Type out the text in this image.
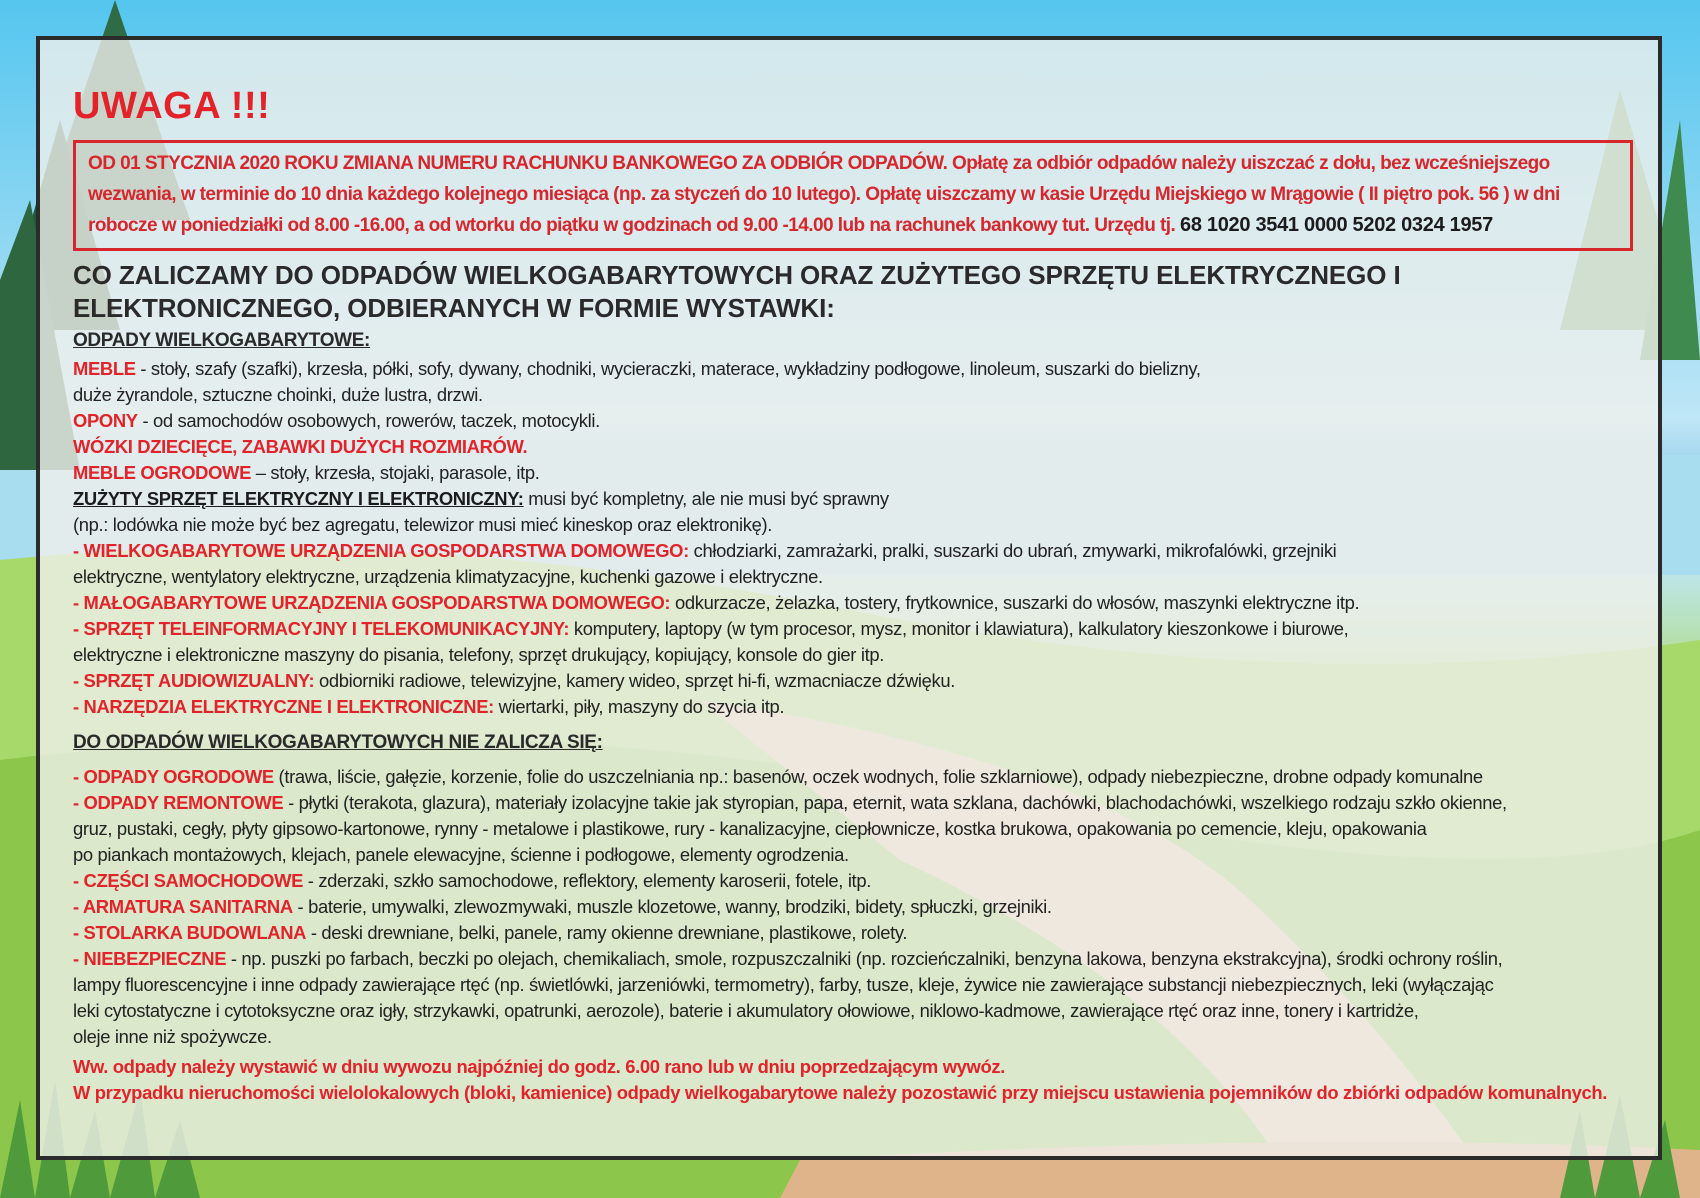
UWAGA !!!

OD 01 STYCZNIA 2020 ROKU ZMIANA NUMERU RACHUNKU BANKOWEGO ZA ODBIÓR ODPADÓW. Opłatę za odbiór odpadów należy uiszczać z dołu, bez wcześniejszego wezwania, w terminie do 10 dnia każdego kolejnego miesiąca (np. za styczeń do 10 lutego). Opłatę uiszczamy w kasie Urzędu Miejskiego w Mrągowie ( II piętro pok. 56 ) w dni robocze w poniedziałki od 8.00 -16.00, a od wtorku do piątku w godzinach od 9.00 -14.00 lub na rachunek bankowy tut. Urzędu tj. 68 1020 3541 0000 5202 0324 1957
CO ZALICZAMY DO ODPADÓW WIELKOGABARYTOWYCH ORAZ ZUŻYTEGO SPRZĘTU ELEKTRYCZNEGO I ELEKTRONICZNEGO, ODBIERANYCH W FORMIE WYSTAWKI:
ODPADY WIELKOGABARYTOWE:

MEBLE - stoły, szafy (szafki), krzesła, półki, sofy, dywany, chodniki, wycieraczki, materace, wykładziny podłogowe, linoleum, suszarki do bielizny,
duże żyrandole, sztuczne choinki, duże lustra, drzwi.

OPONY - od samochodów osobowych, rowerów, taczek, motocykli.

WÓZKI DZIECIĘCE, ZABAWKI DUŻYCH ROZMIARÓW.

MEBLE OGRODOWE – stoły, krzesła, stojaki, parasole, itp.

ZUŻYTY SPRZĘT ELEKTRYCZNY I ELEKTRONICZNY: musi być kompletny, ale nie musi być sprawny
(np.: lodówka nie może być bez agregatu, telewizor musi mieć kineskop oraz elektronikę).

- WIELKOGABARYTOWE URZĄDZENIA GOSPODARSTWA DOMOWEGO: chłodziarki, zamrażarki, pralki, suszarki do ubrań, zmywarki, mikrofalówki, grzejniki
elektryczne, wentylatory elektryczne, urządzenia klimatyzacyjne, kuchenki gazowe i elektryczne.

- MAŁOGABARYTOWE URZĄDZENIA GOSPODARSTWA DOMOWEGO: odkurzacze, żelazka, tostery, frytkownice, suszarki do włosów, maszynki elektryczne itp.

- SPRZĘT TELEINFORMACYJNY I TELEKOMUNIKACYJNY: komputery, laptopy (w tym procesor, mysz, monitor i klawiatura), kalkulatory kieszonkowe i biurowe,
elektryczne i elektroniczne maszyny do pisania, telefony, sprzęt drukujący, kopiujący, konsole do gier itp.

- SPRZĘT AUDIOWIZUALNY: odbiorniki radiowe, telewizyjne, kamery wideo, sprzęt hi-fi, wzmacniacze dźwięku.

- NARZĘDZIA ELEKTRYCZNE I ELEKTRONICZNE: wiertarki, piły, maszyny do szycia itp.

DO ODPADÓW WIELKOGABARYTOWYCH NIE ZALICZA SIĘ:

- ODPADY OGRODOWE (trawa, liście, gałęzie, korzenie, folie do uszczelniania np.: basenów, oczek wodnych, folie szklarniowe), odpady niebezpieczne, drobne odpady komunalne

- ODPADY REMONTOWE - płytki (terakota, glazura), materiały izolacyjne takie jak styropian, papa, eternit, wata szklana, dachówki, blachodachówki, wszelkiego rodzaju szkło okienne,
gruz, pustaki, cegły, płyty gipsowo-kartonowe, rynny - metalowe i plastikowe, rury - kanalizacyjne, ciepłownicze, kostka brukowa, opakowania po cemencie, kleju, opakowania
po piankach montażowych, klejach, panele elewacyjne, ścienne i podłogowe, elementy ogrodzenia.

- CZĘŚCI SAMOCHODOWE - zderzaki, szkło samochodowe, reflektory, elementy karoserii, fotele, itp.

- ARMATURA SANITARNA - baterie, umywalki, zlewozmywaki, muszle klozetowe, wanny, brodziki, bidety, spłuczki, grzejniki.

- STOLARKA BUDOWLANA - deski drewniane, belki, panele, ramy okienne drewniane, plastikowe, rolety.

- NIEBEZPIECZNE - np. puszki po farbach, beczki po olejach, chemikaliach, smole, rozpuszczalniki (np. rozcieńczalniki, benzyna lakowa, benzyna ekstrakcyjna), środki ochrony roślin,
lampy fluorescencyjne i inne odpady zawierające rtęć (np. świetlówki, jarzeniówki, termometry), farby, tusze, kleje, żywice nie zawierające substancji niebezpiecznych, leki (wyłączając
leki cytostatyczne i cytotoksyczne oraz igły, strzykawki, opatrunki, aerozole), baterie i akumulatory ołowiowe, niklowo-kadmowe, zawierające rtęć oraz inne, tonery i kartridże,
oleje inne niż spożywcze.

Ww. odpady należy wystawić w dniu wywozu najpóźniej do godz. 6.00 rano lub w dniu poprzedzającym wywóz.

W przypadku nieruchomości wielolokalowych (bloki, kamienice) odpady wielkogabarytowe należy pozostawić przy miejscu ustawienia pojemników do zbiórki odpadów komunalnych.
